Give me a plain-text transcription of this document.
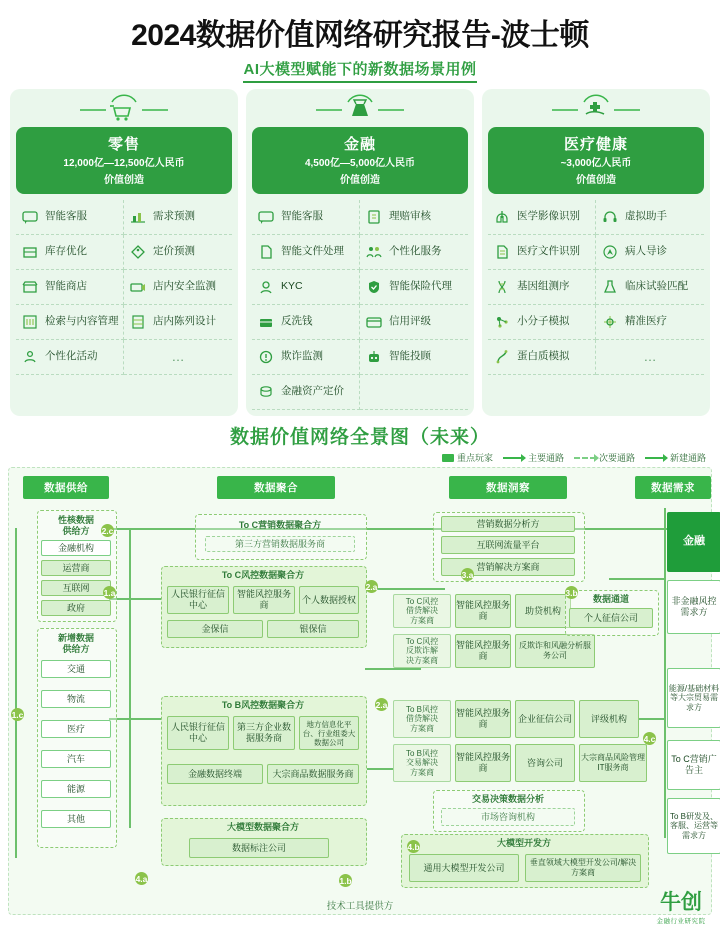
2024数据价值网络研究报告-波士顿
AI大模型赋能下的新数据场景用例
零售
12,000亿—12,500亿人民币
价值创造
智能客服	需求预测
库存优化	定价预测
智能商店	店内安全监测
检索与内容管理	店内陈列设计
个性化活动	…
金融
4,500亿—5,000亿人民币
价值创造
智能客服	理赔审核
智能文件处理	个性化服务
KYC	智能保险代理
反洗钱	信用评级
欺诈监测	智能投顾
金融资产定价
医疗健康
~3,000亿人民币
价值创造
医学影像识别	虚拟助手
医疗文件识别	病人导诊
基因组测序	临床试验匹配
小分子模拟	精准医疗
蛋白质模拟	…
数据价值网络全景图（未来）
重点玩家	主要通路	次要通路	新建通路
数据供给	数据聚合	数据洞察	数据需求
性核数据
供给方
金融机构
运营商
互联网
政府
新增数据
供给方
交通
物流
医疗
汽车
能源
其他
To C营销数据聚合方
第三方营销数据服务商
To C风控数据聚合方
人民银行征信中心
智能风控服务商
个人数据授权
金保信	银保信
To B风控数据聚合方
人民银行征信中心
第三方企业数据服务商
地方信息化平台、行业组委大数据公司
金融数据终端	大宗商品数据服务商
大模型数据聚合方
数据标注公司
营销数据分析方
互联网流量平台
营销解决方案商
To C风控
借贷解决
方案商
智能风控服务商
助贷机构
To C风控
反欺诈解
决方案商
智能风控服务商
反欺诈和风融分析服务公司
数据通道
个人征信公司
To B风控
借贷解决
方案商
智能风控服务商
企业征信公司	评级机构
To B风控
交易解决
方案商
智能风控服务商
咨询公司	大宗商品风险管理IT服务商
交易决策数据分析
市场咨询机构
大模型开发方
通用大模型开发公司	垂直领域大模型开发公司/解决方案商
金融
非金融风控需求方
能源/基础材料等大宗贸易需求方
To C营销广告主
To B研发及、客服、运营等需求方
2.c
1.a
1.c
2.a
3.a
3.b
2.a
4.c
4.a
4.b
1.b
技术工具提供方	牛创
金融行业研究院
